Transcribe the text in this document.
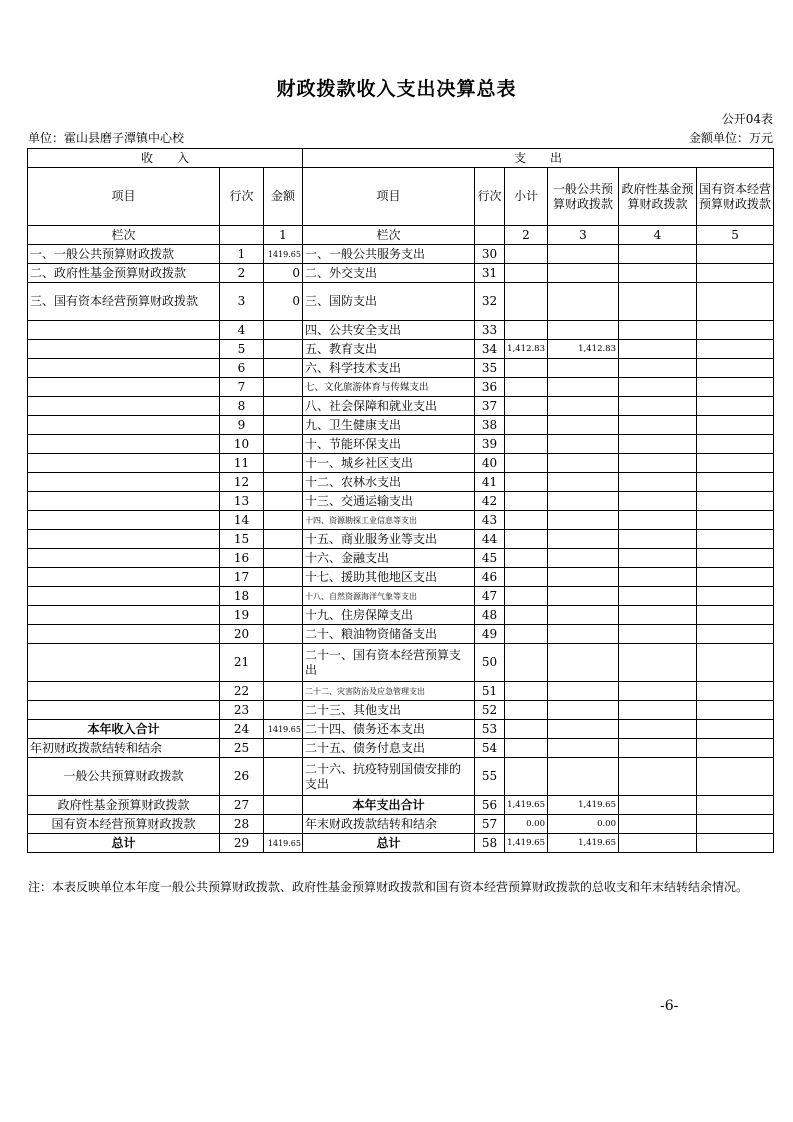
财政拨款收入支出决算总表
公开04表
单位：霍山县磨子潭镇中心校	金额单位：万元
收　　入			支　　出					
项目	行次	金额	项目	行次	小计	一般公共预算财政拨款	政府性基金预算财政拨款	国有资本经营预算财政拨款
栏次		1	栏次		2	3	4	5
一、一般公共预算财政拨款	1	1419.65	一、一般公共服务支出	30				
二、政府性基金预算财政拨款	2	0	二、外交支出	31				
三、国有资本经营预算财政拨款	3	0	三、国防支出	32				
	4		四、公共安全支出	33				
	5		五、教育支出	34	1,412.83	1,412.83		
	6		六、科学技术支出	35				
	7		七、文化旅游体育与传媒支出	36				
	8		八、社会保障和就业支出	37				
	9		九、卫生健康支出	38				
	10		十、节能环保支出	39				
	11		十一、城乡社区支出	40				
	12		十二、农林水支出	41				
	13		十三、交通运输支出	42				
	14		十四、资源勘探工业信息等支出	43				
	15		十五、商业服务业等支出	44				
	16		十六、金融支出	45				
	17		十七、援助其他地区支出	46				
	18		十八、自然资源海洋气象等支出	47				
	19		十九、住房保障支出	48				
	20		二十、粮油物资储备支出	49				
	21		二十一、国有资本经营预算支出	50				
	22		二十二、灾害防治及应急管理支出	51				
	23		二十三、其他支出	52				
本年收入合计	24	1419.65	二十四、债务还本支出	53				
年初财政拨款结转和结余	25		二十五、债务付息支出	54				
一般公共预算财政拨款	26		二十六、抗疫特别国债安排的支出	55				
政府性基金预算财政拨款	27		本年支出合计	56	1,419.65	1,419.65		
国有资本经营预算财政拨款	28		年末财政拨款结转和结余	57	0.00	0.00		
总计	29	1419.65	总计	58	1,419.65	1,419.65		
注：本表反映单位本年度一般公共预算财政拨款、政府性基金预算财政拨款和国有资本经营预算财政拨款的总收支和年末结转结余情况。
-6-
